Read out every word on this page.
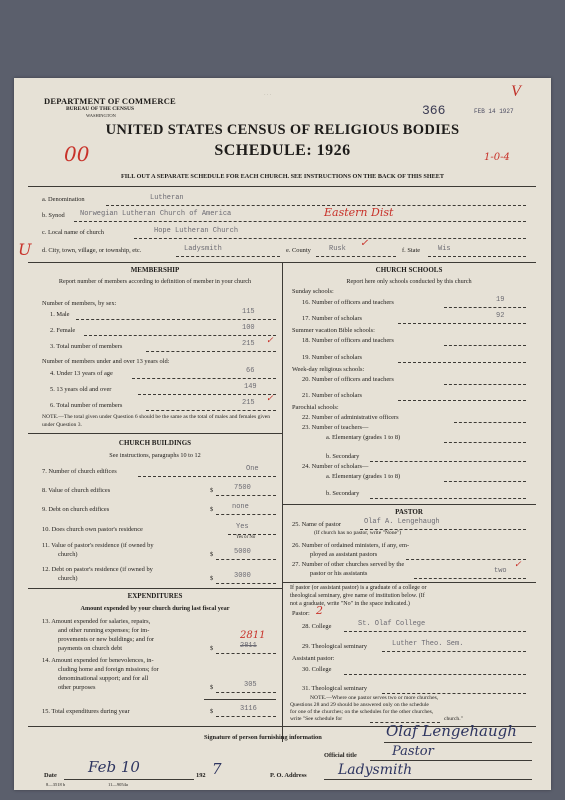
· · ·
DEPARTMENT OF COMMERCE
BUREAU OF THE CENSUS
WASHINGTON	366	FEB 14 1927
V
UNITED STATES CENSUS OF RELIGIOUS BODIES
SCHEDULE: 1926
00	1-0-4
FILL OUT A SEPARATE SCHEDULE FOR EACH CHURCH. SEE INSTRUCTIONS ON THE BACK OF THIS SHEET
a. Denomination	Lutheran
b. Synod Norwegian Lutheran Church of America	Eastern Dist
c. Local name of church	Hope Lutheran Church
U d. City, town, village, or township, etc.	Ladysmith	e. County	Rusk ✓
f. State	Wis
MEMBERSHIP
Report number of members according to definition of member in your church
Number of members, by sex:
1. Male	115
2. Female	100
3. Total number of members	215 ✓
Number of members under and over 13 years old:
4. Under 13 years of age	66
5. 13 years old and over	149
6. Total number of members	215 ✓
NOTE.—The total given under Question 6 should be the same as the total of males and females given under Question 3.
CHURCH BUILDINGS
See instructions, paragraphs 10 to 12
7. Number of church edifices	One
8. Value of church edifices	$	7500
9. Debt on church edifices	$	none
10. Does church own pastor's residence	Yes
Yes or No
11. Value of pastor's residence (if owned by
church)	$	5000
12. Debt on pastor's residence (if owned by
church)	$	3000
EXPENDITURES
Amount expended by your church during last fiscal year
13. Amount expended for salaries, repairs,
and other running expenses; for im-
provements or new buildings; and for
payments on church debt
2811
$	2811
14. Amount expended for benevolences, in-
cluding home and foreign missions; for
denominational support; and for all
other purposes	$	305
15. Total expenditures during year	$	3116
CHURCH SCHOOLS
Report here only schools conducted by this church
Sunday schools:
16. Number of officers and teachers	19
17. Number of scholars	92
Summer vacation Bible schools:
18. Number of officers and teachers
19. Number of scholars
Week-day religious schools:
20. Number of officers and teachers
21. Number of scholars
Parochial schools:
22. Number of administrative officers
23. Number of teachers—
a. Elementary (grades 1 to 8)
b. Secondary
24. Number of scholars—
a. Elementary (grades 1 to 8)
b. Secondary
PASTOR
25. Name of pastor	Olaf A. Lengehaugh
(If church has no pastor, write "None")
26. Number of ordained ministers, if any, em-
ployed as assistant pastors
27. Number of other churches served by the
pastor or his assistants	two
✓
If pastor (or assistant pastor) is a graduate of a college or
theological seminary, give name of institution below. (If
not a graduate, write "No" in the space indicated.)
Pastor: 2
28. College	St. Olaf College
29. Theological seminary	Luther Theo. Sem.
Assistant pastor:
30. College
31. Theological seminary
NOTE.—Where one pastor serves two or more churches,
Questions 28 and 29 should be answered only on the schedule
for one of the churches; on the schedules for the other churches,
write "See schedule for	church."
Signature of person furnishing information	Olaf Lengehaugh
Official title	Pastor
Date Feb 10	192 7
8—3518 b	11—9054a
P. O. Address Ladysmith
